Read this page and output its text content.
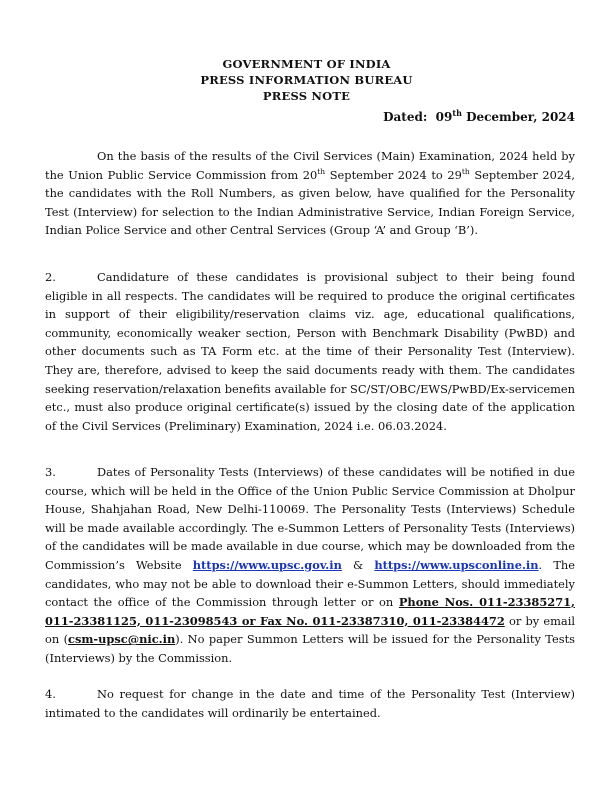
GOVERNMENT OF INDIA
PRESS INFORMATION BUREAU
PRESS NOTE
Dated: 09th December, 2024
On the basis of the results of the Civil Services (Main) Examination, 2024 held by the Union Public Service Commission from 20th September 2024 to 29th September 2024, the candidates with the Roll Numbers, as given below, have qualified for the Personality Test (Interview) for selection to the Indian Administrative Service, Indian Foreign Service, Indian Police Service and other Central Services (Group ‘A’ and Group ‘B’).
2.	Candidature of these candidates is provisional subject to their being found eligible in all respects. The candidates will be required to produce the original certificates in support of their eligibility/reservation claims viz. age, educational qualifications, community, economically weaker section, Person with Benchmark Disability (PwBD) and other documents such as TA Form etc. at the time of their Personality Test (Interview). They are, therefore, advised to keep the said documents ready with them. The candidates seeking reservation/relaxation benefits available for SC/ST/OBC/EWS/PwBD/Ex-servicemen etc., must also produce original certificate(s) issued by the closing date of the application of the Civil Services (Preliminary) Examination, 2024 i.e. 06.03.2024.
3.	Dates of Personality Tests (Interviews) of these candidates will be notified in due course, which will be held in the Office of the Union Public Service Commission at Dholpur House, Shahjahan Road, New Delhi-110069. The Personality Tests (Interviews) Schedule will be made available accordingly. The e-Summon Letters of Personality Tests (Interviews) of the candidates will be made available in due course, which may be downloaded from the Commission’s Website https://www.upsc.gov.in & https://www.upsconline.in. The candidates, who may not be able to download their e-Summon Letters, should immediately contact the office of the Commission through letter or on Phone Nos. 011-23385271, 011-23381125, 011-23098543 or Fax No. 011-23387310, 011-23384472 or by email on (csm-upsc@nic.in). No paper Summon Letters will be issued for the Personality Tests (Interviews) by the Commission.
4.	No request for change in the date and time of the Personality Test (Interview) intimated to the candidates will ordinarily be entertained.
